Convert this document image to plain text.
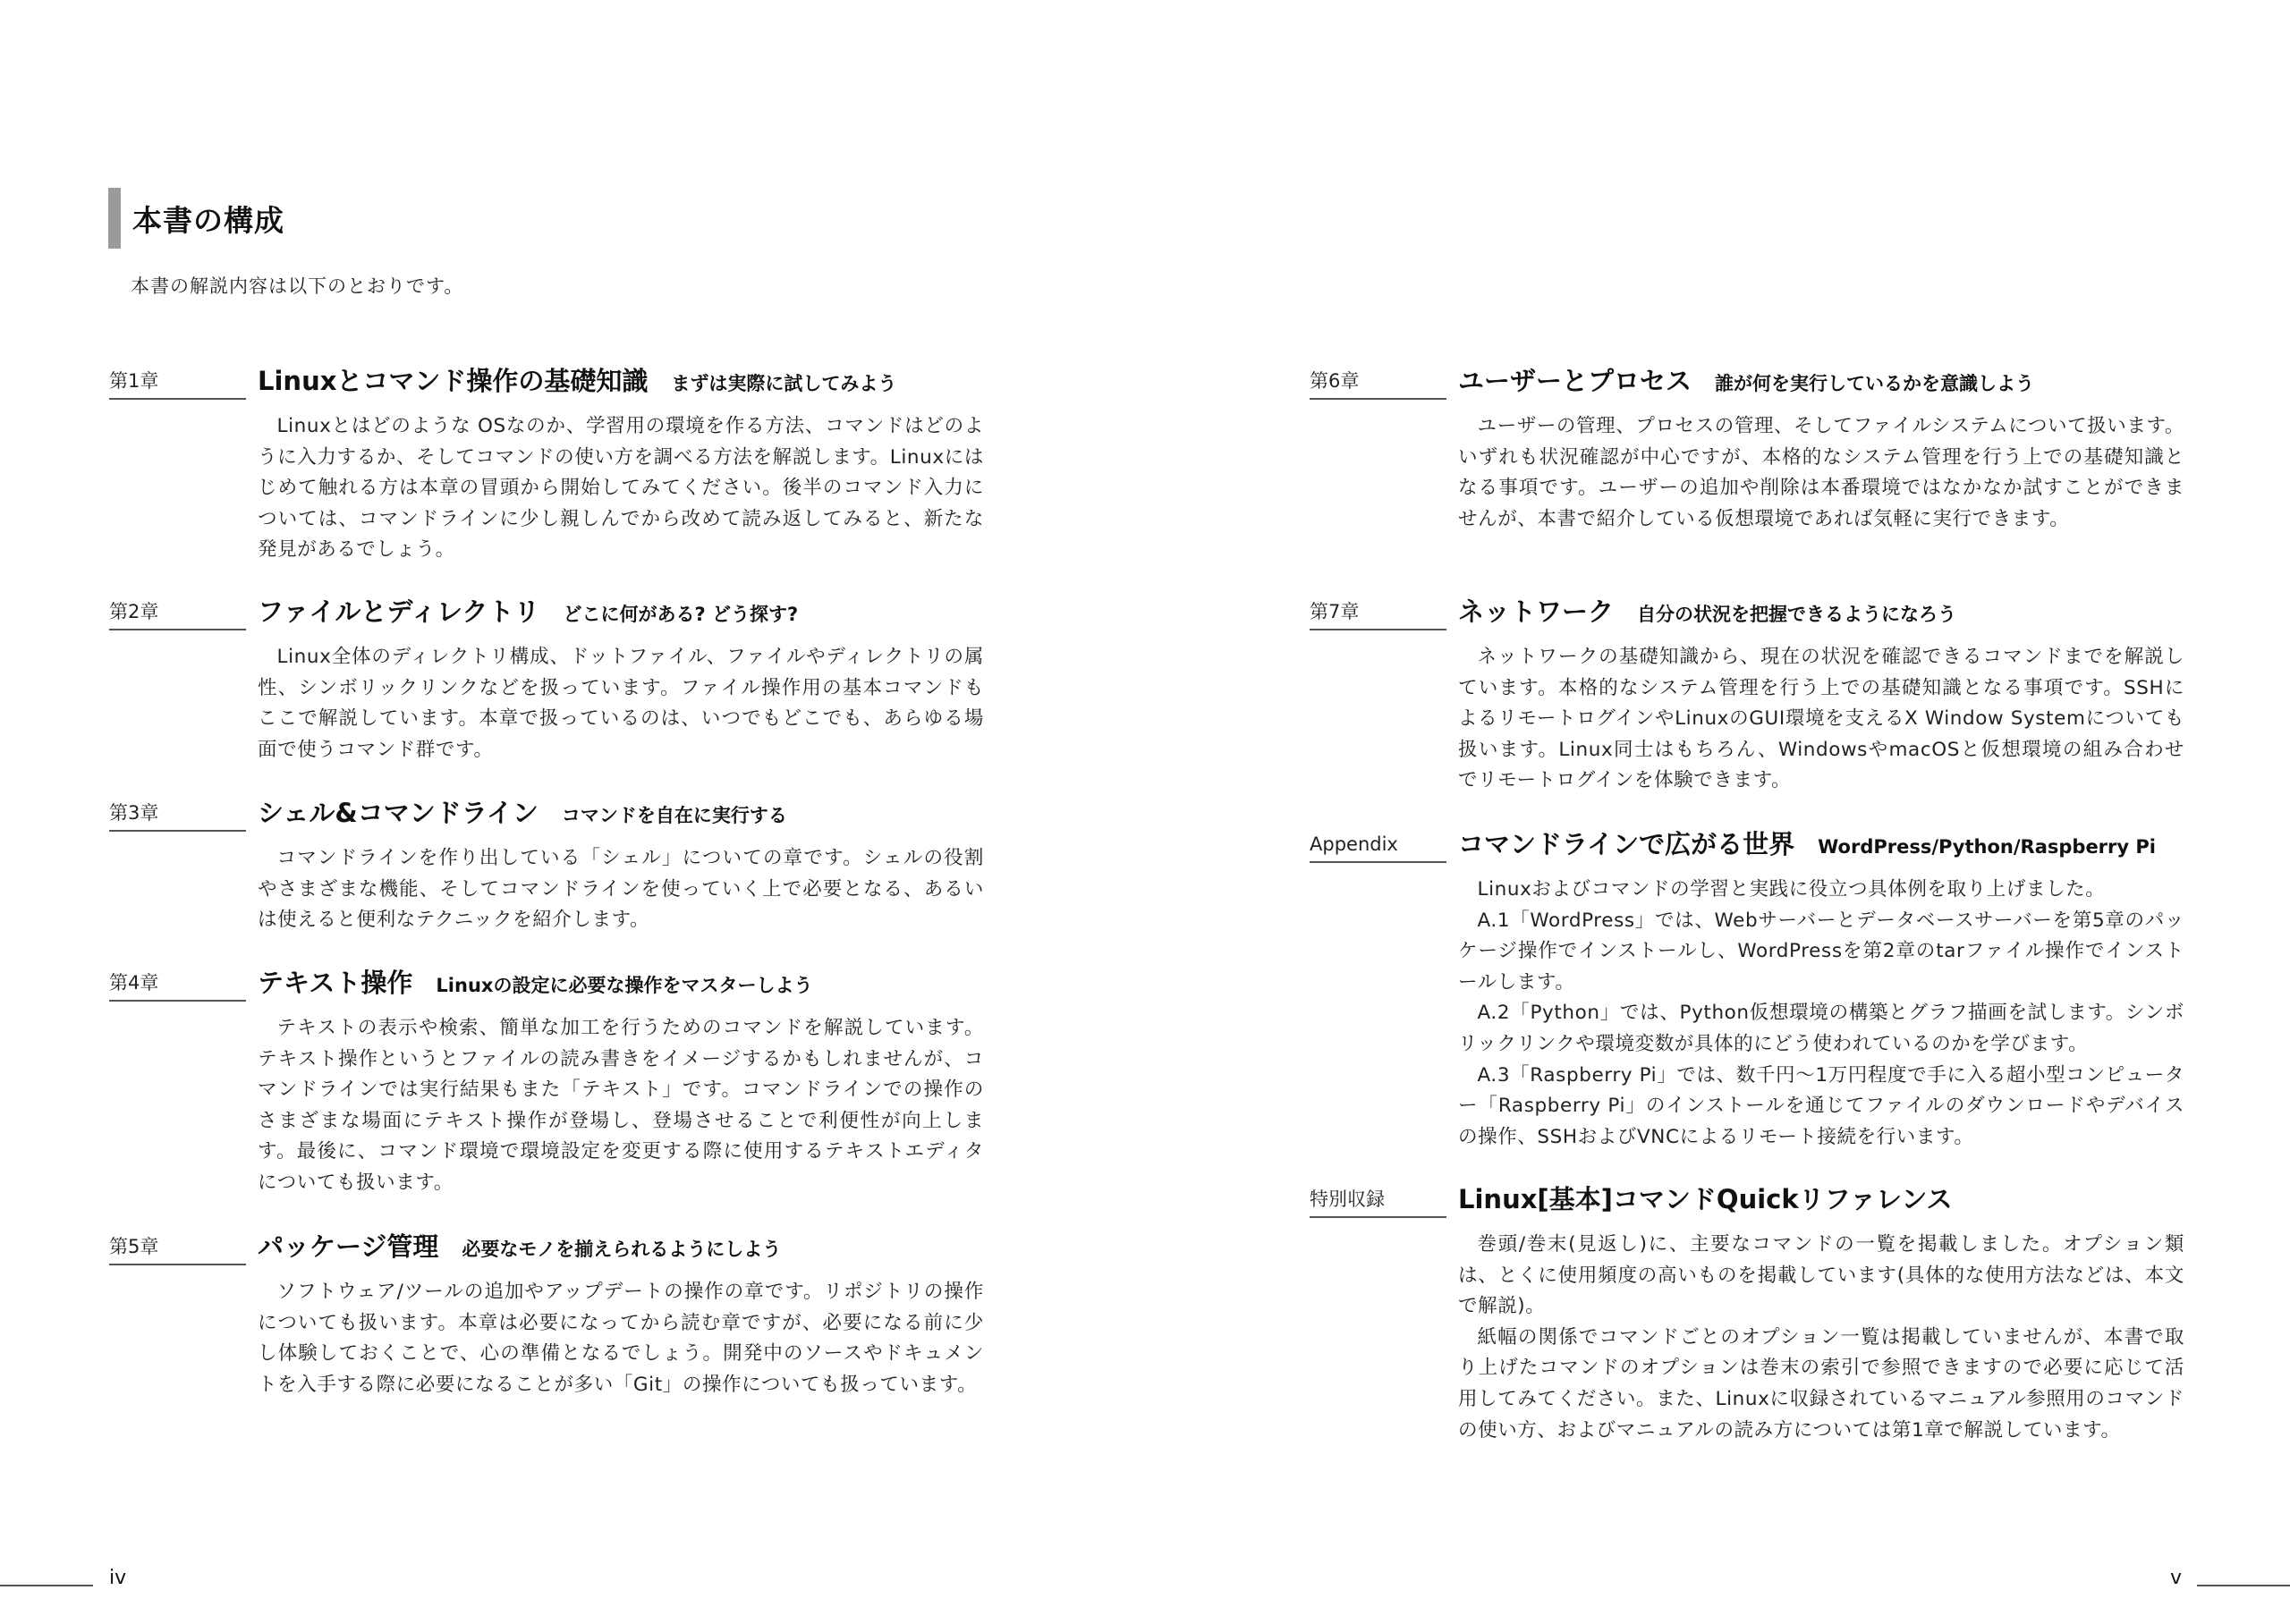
本書の構成
本書の解説内容は以下のとおりです。
第1章	Linuxとコマンド操作の基礎知識 まずは実際に試してみよう

Linuxとはどのような OSなのか、学習用の環境を作る方法、コマンドはどのように入力するか、そしてコマンドの使い方を調べる方法を解説します。Linuxにはじめて触れる方は本章の冒頭から開始してみてください。後半のコマンド入力については、コマンドラインに少し親しんでから改めて読み返してみると、新たな発見があるでしょう。

第2章	ファイルとディレクトリ どこに何がある? どう探す?

Linux全体のディレクトリ構成、ドットファイル、ファイルやディレクトリの属性、シンボリックリンクなどを扱っています。ファイル操作用の基本コマンドもここで解説しています。本章で扱っているのは、いつでもどこでも、あらゆる場面で使うコマンド群です。

第3章	シェル&コマンドライン コマンドを自在に実行する

コマンドラインを作り出している「シェル」についての章です。シェルの役割やさまざまな機能、そしてコマンドラインを使っていく上で必要となる、あるいは使えると便利なテクニックを紹介します。

第4章	テキスト操作 Linuxの設定に必要な操作をマスターしよう

テキストの表示や検索、簡単な加工を行うためのコマンドを解説しています。テキスト操作というとファイルの読み書きをイメージするかもしれませんが、コマンドラインでは実行結果もまた「テキスト」です。コマンドラインでの操作のさまざまな場面にテキスト操作が登場し、登場させることで利便性が向上します。最後に、コマンド環境で環境設定を変更する際に使用するテキストエディタについても扱います。

第5章	パッケージ管理 必要なモノを揃えられるようにしよう

ソフトウェア/ツールの追加やアップデートの操作の章です。リポジトリの操作についても扱います。本章は必要になってから読む章ですが、必要になる前に少し体験しておくことで、心の準備となるでしょう。開発中のソースやドキュメントを入手する際に必要になることが多い「Git」の操作についても扱っています。

iv
第6章	ユーザーとプロセス 誰が何を実行しているかを意識しよう

ユーザーの管理、プロセスの管理、そしてファイルシステムについて扱います。いずれも状況確認が中心ですが、本格的なシステム管理を行う上での基礎知識となる事項です。ユーザーの追加や削除は本番環境ではなかなか試すことができませんが、本書で紹介している仮想環境であれば気軽に実行できます。

第7章	ネットワーク 自分の状況を把握できるようになろう

ネットワークの基礎知識から、現在の状況を確認できるコマンドまでを解説しています。本格的なシステム管理を行う上での基礎知識となる事項です。SSHによるリモートログインやLinuxのGUI環境を支えるX Window Systemについても扱います。Linux同士はもちろん、WindowsやmacOSと仮想環境の組み合わせでリモートログインを体験できます。

Appendix	コマンドラインで広がる世界 WordPress/Python/Raspberry Pi

Linuxおよびコマンドの学習と実践に役立つ具体例を取り上げました。

A.1「WordPress」では、Webサーバーとデータベースサーバーを第5章のパッケージ操作でインストールし、WordPressを第2章のtarファイル操作でインストールします。

A.2「Python」では、Python仮想環境の構築とグラフ描画を試します。シンボリックリンクや環境変数が具体的にどう使われているのかを学びます。

A.3「Raspberry Pi」では、数千円〜1万円程度で手に入る超小型コンピューター「Raspberry Pi」のインストールを通じてファイルのダウンロードやデバイスの操作、SSHおよびVNCによるリモート接続を行います。

特別収録	Linux[基本]コマンドQuickリファレンス

巻頭/巻末(見返し)に、主要なコマンドの一覧を掲載しました。オプション類は、とくに使用頻度の高いものを掲載しています(具体的な使用方法などは、本文で解説)。

紙幅の関係でコマンドごとのオプション一覧は掲載していませんが、本書で取り上げたコマンドのオプションは巻末の索引で参照できますので必要に応じて活用してみてください。また、Linuxに収録されているマニュアル参照用のコマンドの使い方、およびマニュアルの読み方については第1章で解説しています。

v
